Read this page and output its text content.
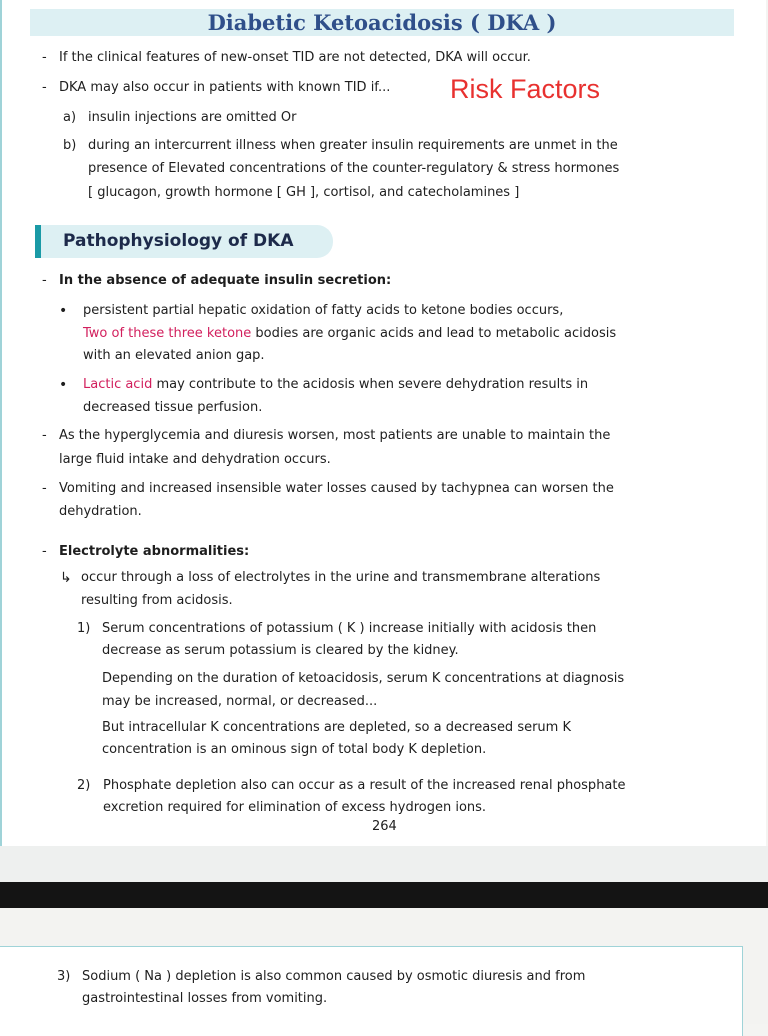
Diabetic Ketoacidosis ( DKA )
- If the clinical features of new-onset TID are not detected, DKA will occur.
- DKA may also occur in patients with known TID if... Risk Factors
a) insulin injections are omitted Or
b) during an intercurrent illness when greater insulin requirements are unmet in the
presence of Elevated concentrations of the counter-regulatory & stress hormones
[ glucagon, growth hormone [ GH ], cortisol, and catecholamines ]
Pathophysiology of DKA
- In the absence of adequate insulin secretion:
• persistent partial hepatic oxidation of fatty acids to ketone bodies occurs,
Two of these three ketone bodies are organic acids and lead to metabolic acidosis
with an elevated anion gap.
• Lactic acid may contribute to the acidosis when severe dehydration results in
decreased tissue perfusion.
- As the hyperglycemia and diuresis worsen, most patients are unable to maintain the
large fluid intake and dehydration occurs.
- Vomiting and increased insensible water losses caused by tachypnea can worsen the
dehydration.
- Electrolyte abnormalities:
↳ occur through a loss of electrolytes in the urine and transmembrane alterations
resulting from acidosis.
1) Serum concentrations of potassium ( K ) increase initially with acidosis then
decrease as serum potassium is cleared by the kidney.
Depending on the duration of ketoacidosis, serum K concentrations at diagnosis
may be increased, normal, or decreased...
But intracellular K concentrations are depleted, so a decreased serum K
concentration is an ominous sign of total body K depletion.
2) Phosphate depletion also can occur as a result of the increased renal phosphate
excretion required for elimination of excess hydrogen ions.
264
3) Sodium ( Na ) depletion is also common caused by osmotic diuresis and from
gastrointestinal losses from vomiting.
